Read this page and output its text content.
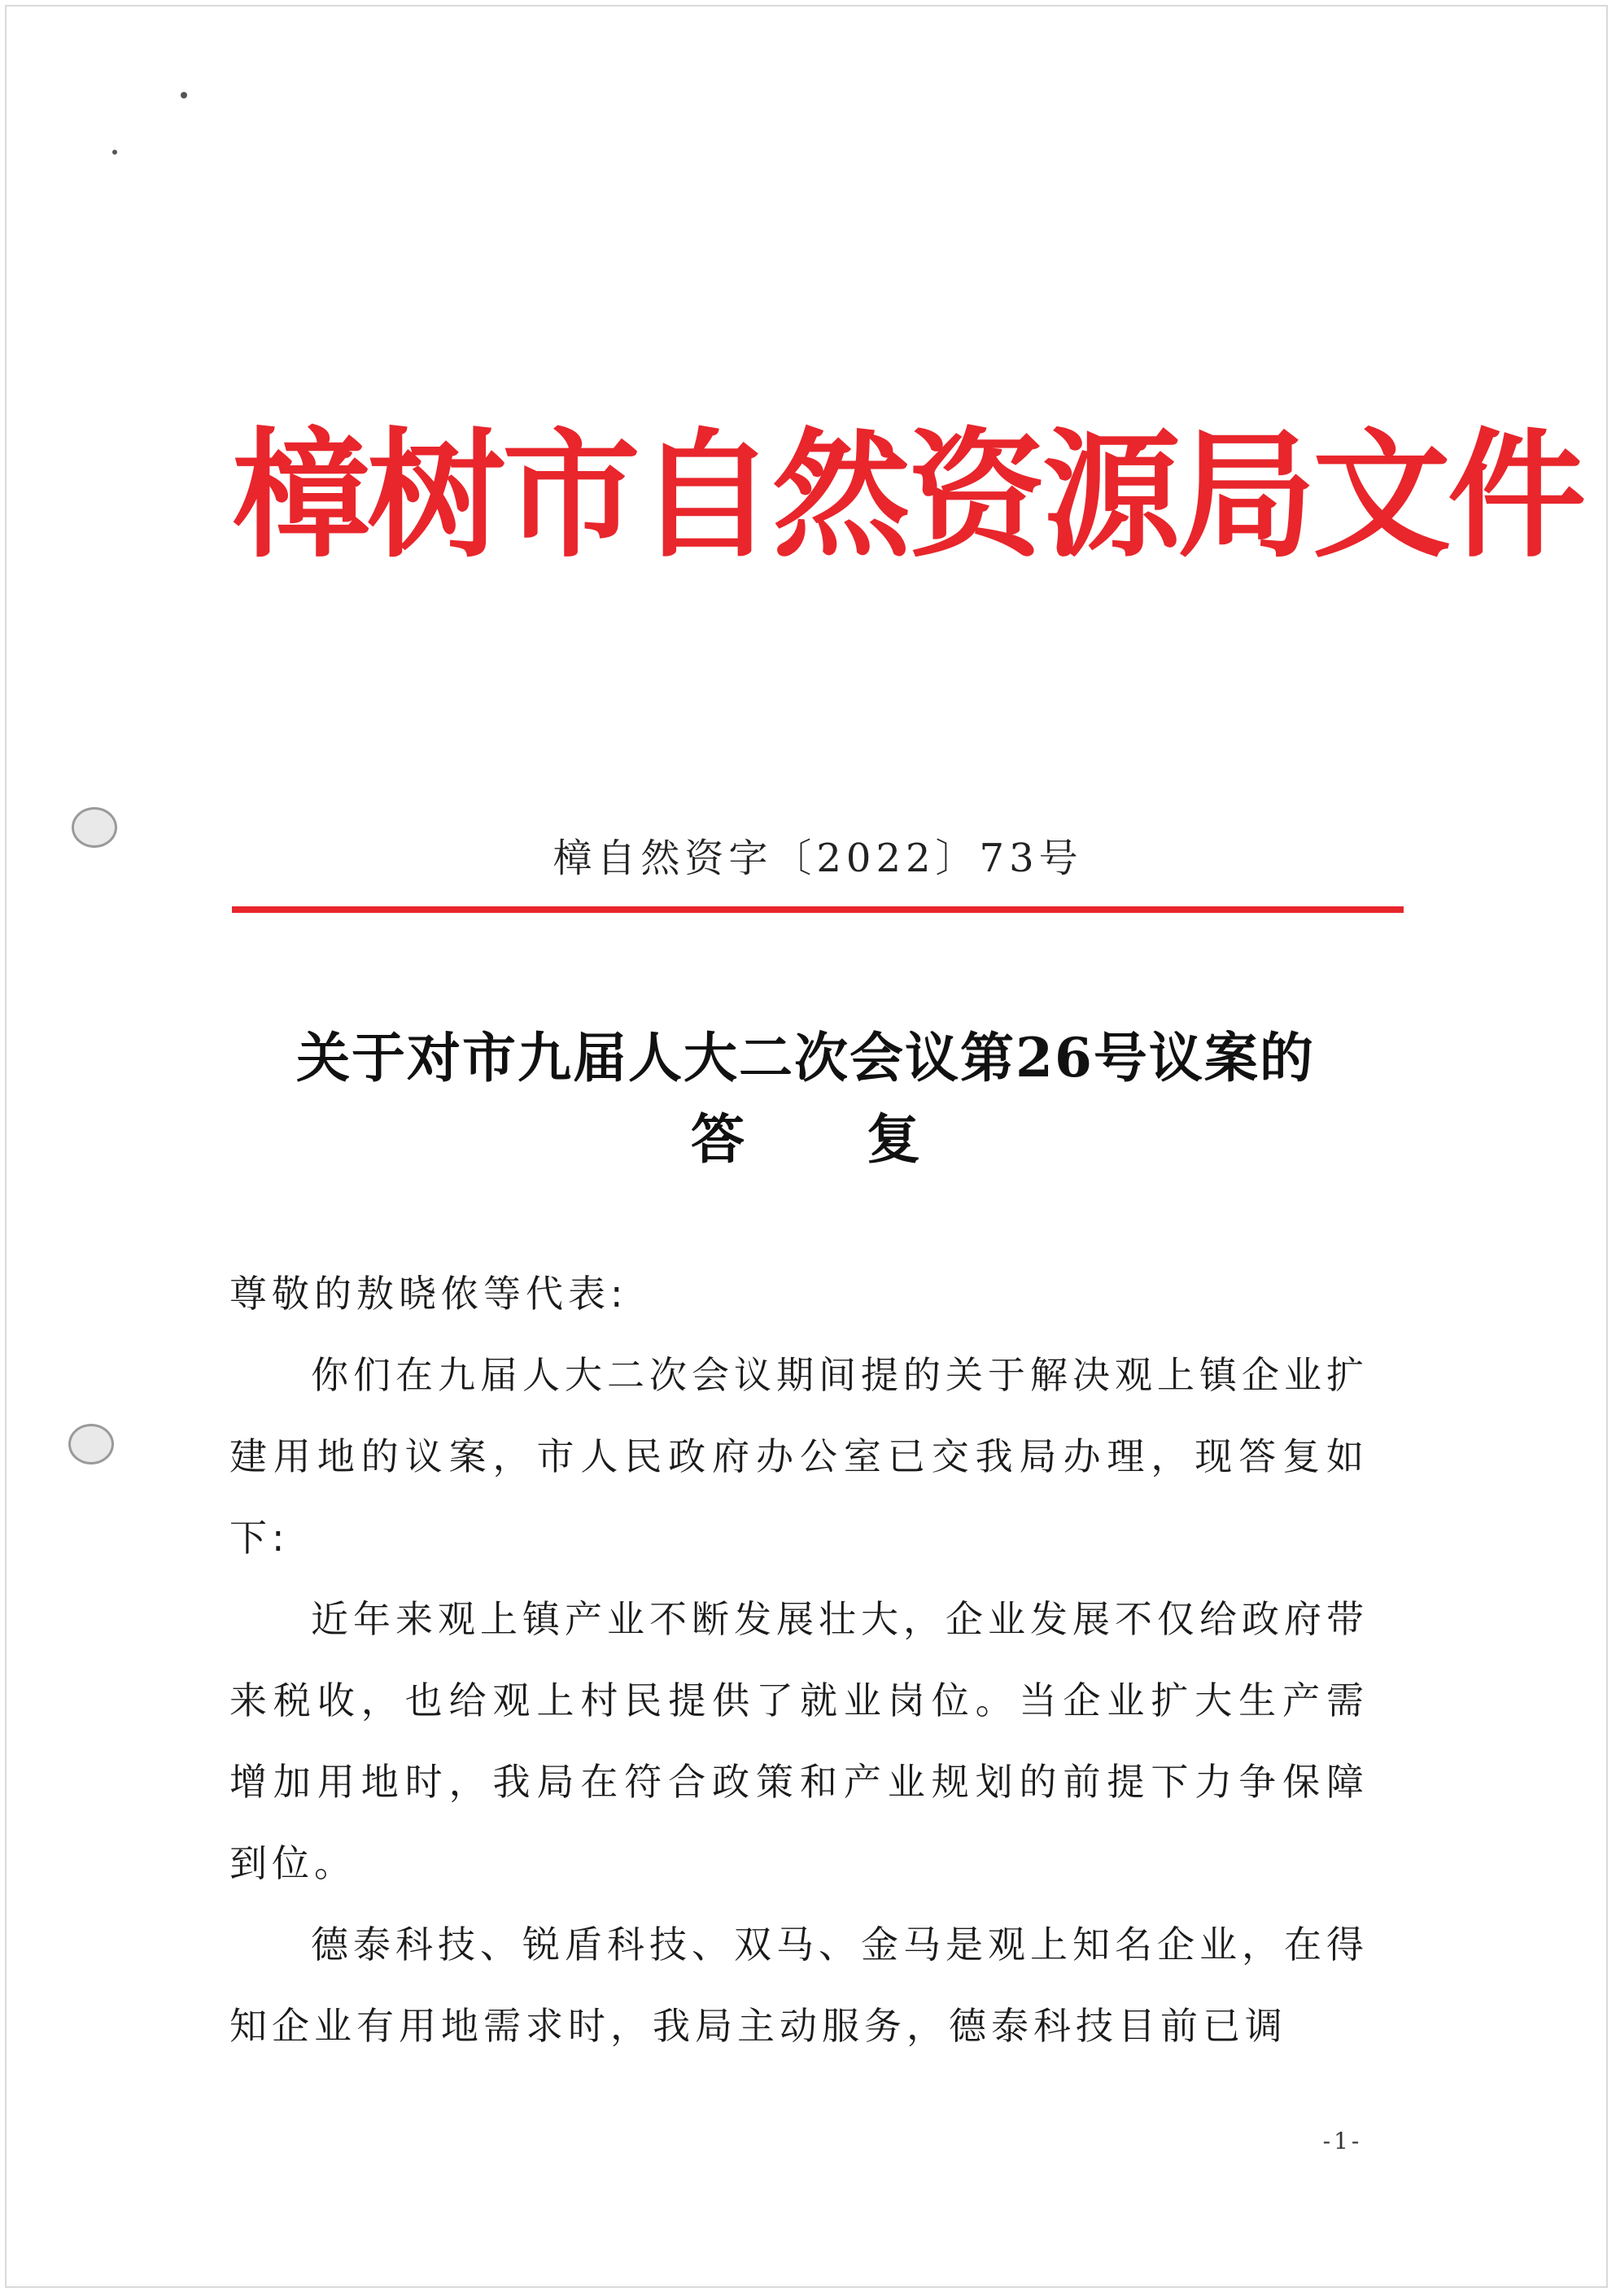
樟树市自然资源局文件
樟自然资字〔2022〕73号
关于对市九届人大二次会议第26号议案的
答复
尊敬的敖晓侬等代表:
你们在九届人大二次会议期间提的关于解决观上镇企业扩建用地的议案，市人民政府办公室已交我局办理，现答复如下:
近年来观上镇产业不断发展壮大，企业发展不仅给政府带来税收，也给观上村民提供了就业岗位。当企业扩大生产需增加用地时，我局在符合政策和产业规划的前提下力争保障到位。
德泰科技、锐盾科技、双马、金马是观上知名企业，在得知企业有用地需求时，我局主动服务，德泰科技目前已调
-1-
